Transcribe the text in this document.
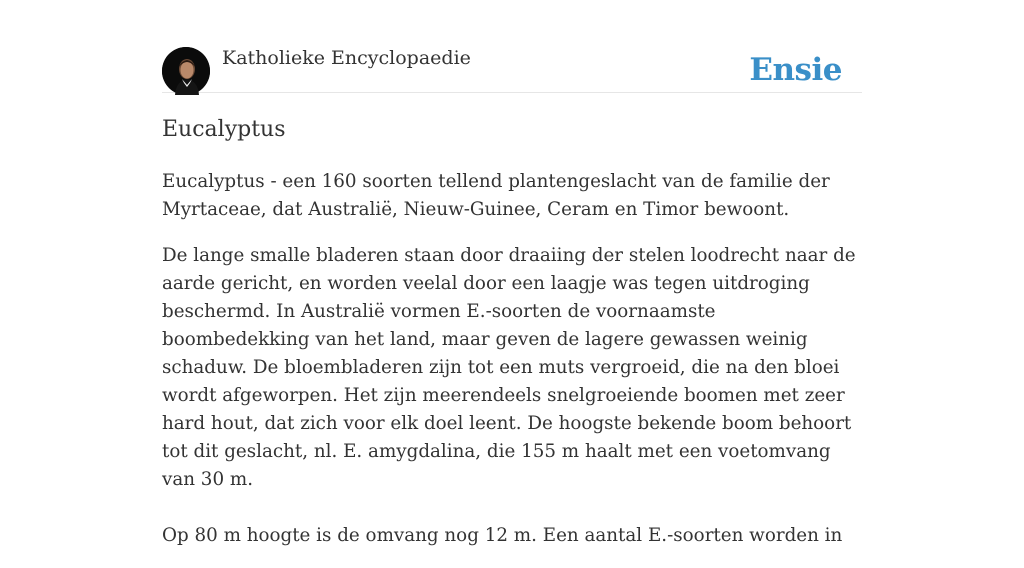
Katholieke Encyclopaedie	Ensie
Eucalyptus

Eucalyptus - een 160 soorten tellend plantengeslacht van de familie der Myrtaceae, dat Australië, Nieuw-Guinee, Ceram en Timor bewoont.

De lange smalle bladeren staan door draaiing der stelen loodrecht naar de aarde gericht, en worden veelal door een laagje was tegen uitdroging beschermd. In Australië vormen E.-soorten de voornaamste boombedekking van het land, maar geven de lagere gewassen weinig schaduw. De bloembladeren zijn tot een muts vergroeid, die na den bloei wordt afgeworpen. Het zijn meerendeels snelgroeiende boomen met zeer hard hout, dat zich voor elk doel leent. De hoogste bekende boom behoort tot dit geslacht, nl. E. amygdalina, die 155 m haalt met een voetomvang van 30 m.

Op 80 m hoogte is de omvang nog 12 m. Een aantal E.-soorten worden in
